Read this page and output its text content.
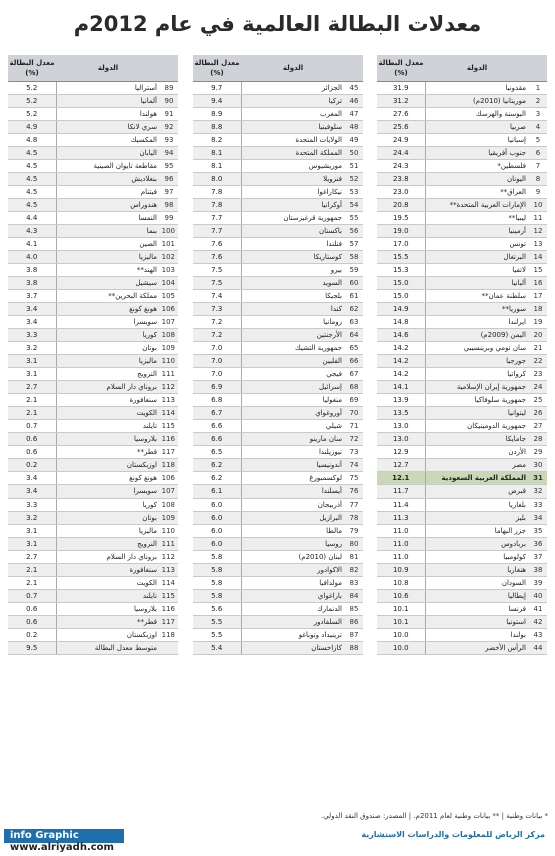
معدلات البطالة العالمية في عام 2012م
	الدولة	معدل البطالة
(%)
1	مقدونيا	31.9
2	موريتانيا (2010م)	31.2
3	البوسنة والهرسك	27.6
4	صربيا	25.6
5	إسبانيا	24.9
6	جنوب أفريقيا	24.4
7	فلسطين*	24.3
8	اليونان	23.8
9	العراق**	23.0
10	الإمارات العربية المتحدة**	20.8
11	ليبيا**	19.5
12	أرمينيا	19.0
13	تونس	17.0
14	البرتغال	15.5
15	لاتفيا	15.3
16	ألبانيا	15.0
17	سلطنة عمان**	15.0
18	سوريا**	14.9
19	ايرلندا	14.8
20	اليمن (2009م)	14.6
21	سان تومي وبرينسيبي	14.2
22	جورجيا	14.2
23	كرواتيا	14.2
24	جمهورية إيران الإسلامية	14.1
25	جمهورية سلوفاكيا	13.9
26	ليتوانيا	13.5
27	جمهورية الدومينيكان	13.0
28	جامايكا	13.0
29	الأردن	12.9
30	مصر	12.7
31	المملكة العربية السعودية	12.1
32	قبرص	11.7
33	بلغاريا	11.4
34	بليز	11.3
35	جزر البهاما	11.0
36	بربادوس	11.0
37	كولومبيا	11.0
38	هنغاريا	10.9
39	السودان	10.8
40	إيطاليا	10.6
41	فرنسا	10.1
42	استونيا	10.1
43	بولندا	10.0
44	الرأس الأخضر	10.0
	الدولة	معدل البطالة
(%)
45	الجزائر	9.7
46	تركيا	9.4
47	المغرب	8.9
48	سلوفينيا	8.8
49	الولايات المتحدة	8.2
50	المملكة المتحدة	8.1
51	موريشيوس	8.1
52	فنزويلا	8.0
53	نيكاراغوا	7.8
54	أوكرانيا	7.8
55	جمهورية قرغيزستان	7.7
56	باكستان	7.7
57	فنلندا	7.6
58	كوستاريكا	7.6
59	بيرو	7.5
60	السويد	7.5
61	بلجيكا	7.4
62	كندا	7.3
63	رومانيا	7.2
64	الأرجنتين	7.2
65	جمهورية التشيك	7.0
66	الفلبين	7.0
67	فيجي	7.0
68	إسرائيل	6.9
69	منغوليا	6.8
70	أوروغواي	6.7
71	شيلي	6.6
72	سان مارينو	6.6
73	نيوزيلندا	6.5
74	أندونيسيا	6.2
75	لوكسمبورغ	6.2
76	أيسلندا	6.1
77	أذربيجان	6.0
78	البرازيل	6.0
79	مالطا	6.0
80	روسيا	6.0
81	لبنان (2010م)	5.8
82	الاكوادور	5.8
83	مولدافيا	5.8
84	باراغواي	5.8
85	الدنمارك	5.6
86	السلفادور	5.5
87	ترينيداد وتوباغو	5.5
88	كازاخستان	5.4
	الدولة	معدل البطالة
(%)
89	أستراليا	5.2
90	ألمانيا	5.2
91	هولندا	5.2
92	سري لانكا	4.9
93	المكسيك	4.8
94	اليابان	4.5
95	مقاطعة تايوان الصينية	4.5
96	بنغلاديش	4.5
97	فيتنام	4.5
98	هندوراس	4.5
99	النمسا	4.4
100	بنما	4.3
101	الصين	4.1
102	ماليزيا	4.0
103	الهند**	3.8
104	سيشيل	3.8
105	مملكة البحرين**	3.7
106	هونغ كونغ	3.4
107	سويسرا	3.4
108	كوريا	3.3
109	بوتان	3.2
110	ماليزيا	3.1
111	النرويج	3.1
112	بروناي دار السلام	2.7
113	سنغافورة	2.1
114	الكويت	2.1
115	تايلند	0.7
116	بلاروسيا	0.6
117	قطر**	0.6
118	اوزبكستان	0.2
106	هونغ كونغ	3.4
107	سويسرا	3.4
108	كوريا	3.3
109	بوتان	3.2
110	ماليزيا	3.1
111	النرويج	3.1
112	بروناي دار السلام	2.7
113	سنغافورة	2.1
114	الكويت	2.1
115	تايلند	0.7
116	بلاروسيا	0.6
117	قطر**	0.6
118	اوزبكستان	0.2
	متوسط معدل البطالة	9.5
* بيانات وطنية | ** بيانات وطنية لعام 2011م. | المصدر: صندوق النقد الدولي.
info Graphic	مركز الرياض للمعلومات والدراسات الاستشارية
www.alriyadh.com
